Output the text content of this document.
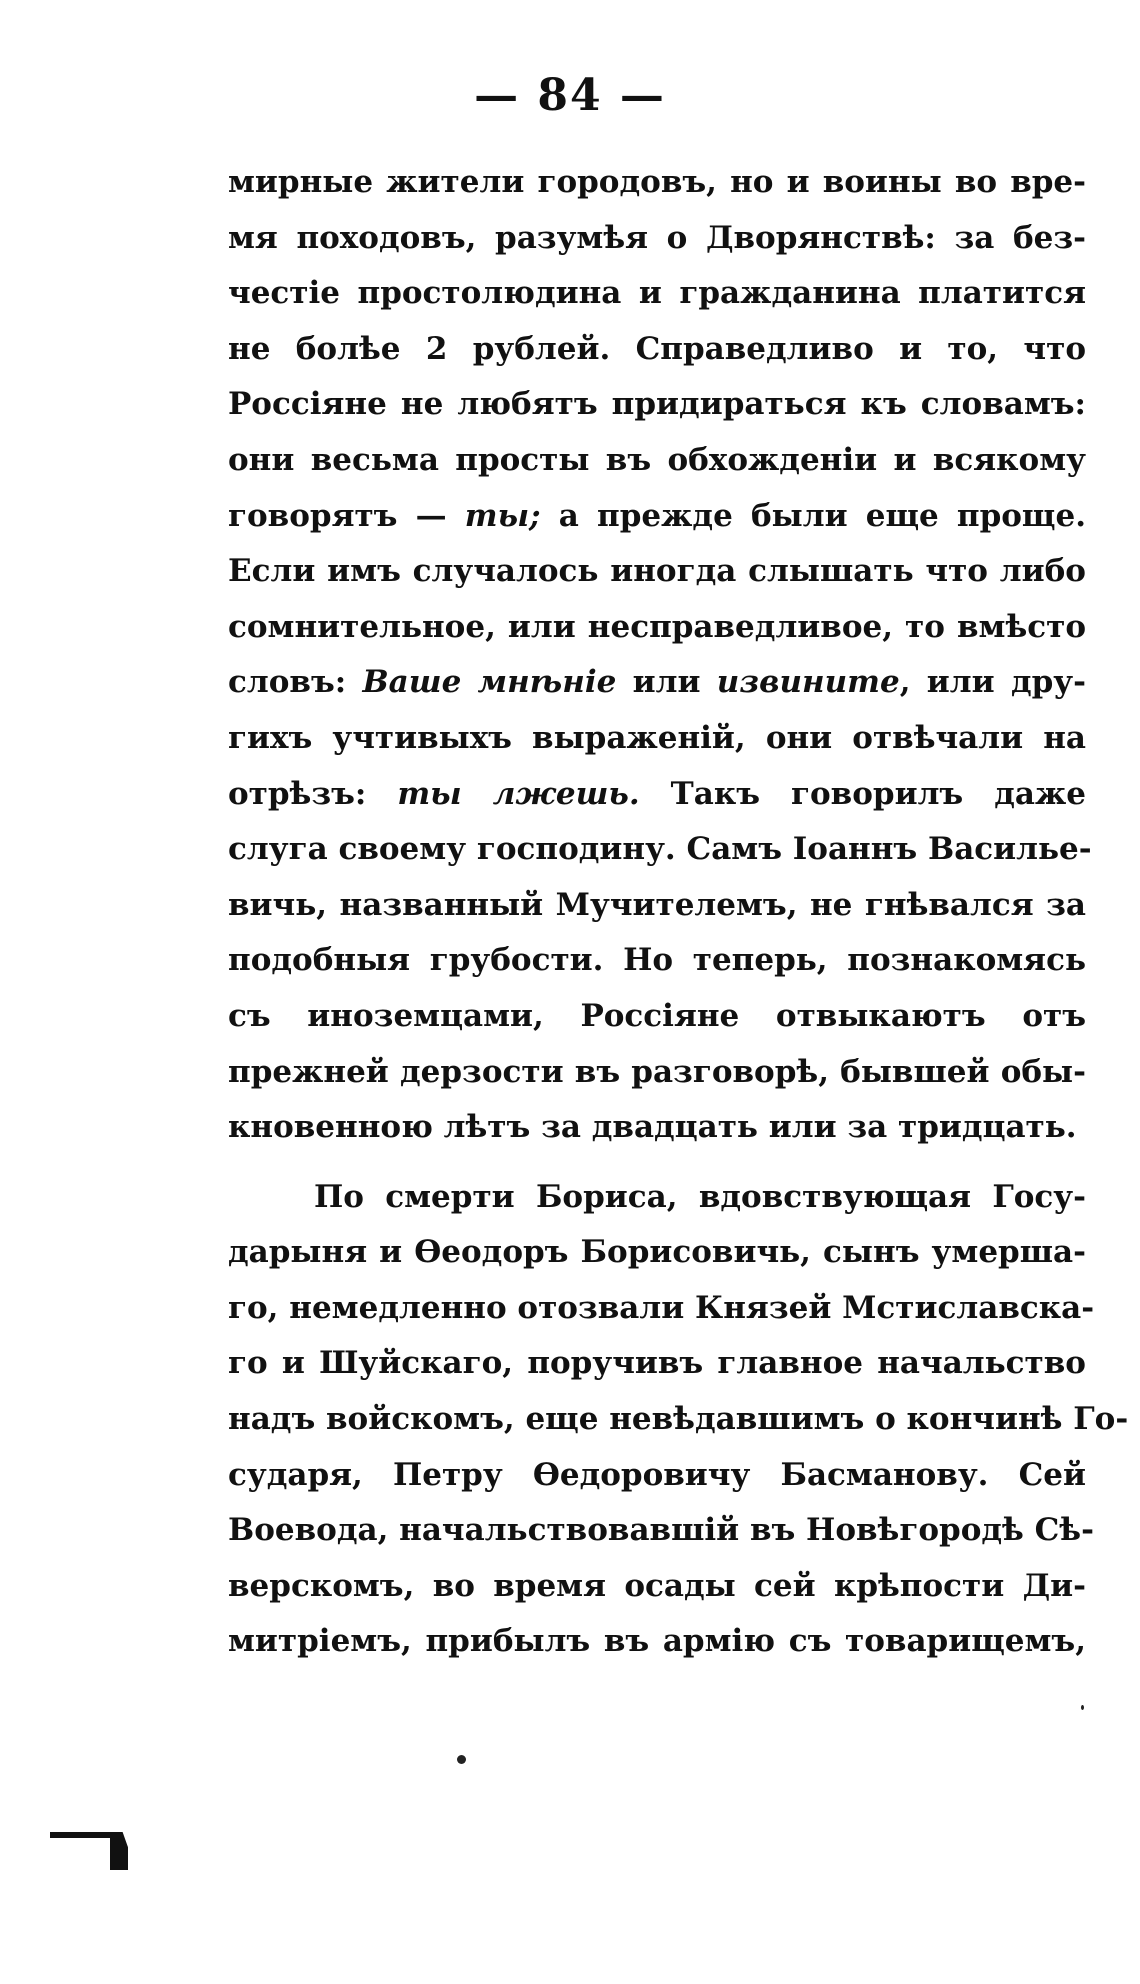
— 84 —
мирные жители городовъ, но и воины во вре-
мя походовъ, разумѣя о Дворянствѣ: за без-
честіе простолюдина и гражданина платится
не болѣе 2 рублей. Справедливо и то, что
Россіяне не любятъ придираться къ словамъ:
они весьма просты въ обхожденіи и всякому
говорятъ — ты; а прежде были еще проще.
Если имъ случалось иногда слышать что либо
сомнительное, или несправедливое, то вмѣсто
словъ: Ваше мнѣніе или извините, или дру-
гихъ учтивыхъ выраженій, они отвѣчали на
отрѣзъ: ты лжешь. Такъ говорилъ даже
слуга своему господину. Самъ Іоаннъ Василье-
вичь, названный Мучителемъ, не гнѣвался за
подобныя грубости. Но теперь, познакомясь
съ иноземцами, Россіяне отвыкаютъ отъ
прежней дерзости въ разговорѣ, бывшей обы-
кновенною лѣтъ за двадцать или за тридцать.
По смерти Бориса, вдовствующая Госу-
дарыня и Ѳеодоръ Борисовичь, сынъ умерша-
го, немедленно отозвали Князей Мстиславска-
го и Шуйскаго, поручивъ главное начальство
надъ войскомъ, еще невѣдавшимъ о кончинѣ Го-
сударя, Петру Ѳедоровичу Басманову. Сей
Воевода, начальствовавшій въ Новѣгородѣ Сѣ-
верскомъ, во время осады сей крѣпости Ди-
митріемъ, прибылъ въ армію съ товарищемъ,
